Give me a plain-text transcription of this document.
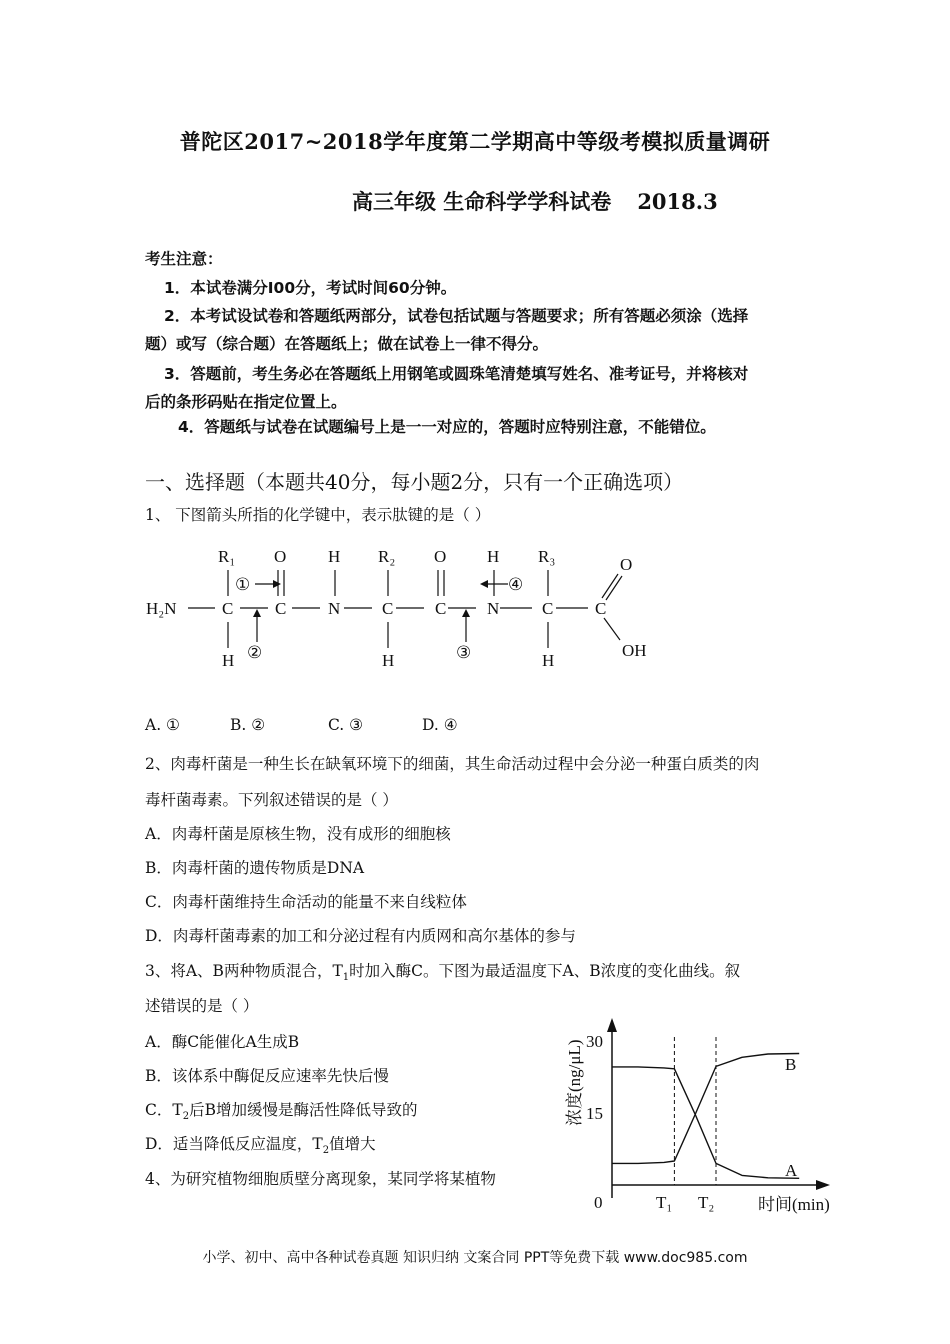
普陀区2017~2018学年度第二学期高中等级考模拟质量调研
高三年级 生命科学学科试卷 2018.3
考生注意：
1．本试卷满分I00分，考试时间60分钟。
2．本考试设试卷和答题纸两部分，试卷包括试题与答题要求；所有答题必须涂（选择
题）或写（综合题）在答题纸上；做在试卷上一律不得分。
3．答题前，考生务必在答题纸上用钢笔或圆珠笔清楚填写姓名、准考证号，并将核对
后的条形码贴在指定位置上。
4．答题纸与试卷在试题编号上是一一对应的，答题时应特别注意，不能错位。
一、选择题（本题共40分，每小题2分，只有一个正确选项）
1、 下图箭头所指的化学键中，表示肽键的是（ ）
H₂N	C C N C C N	C C
R₁ O H R₂ O H R₃	O
H	H	H
OH
①
②	③
④
A. ①	B. ②	C. ③	D. ④
2、肉毒杆菌是一种生长在缺氧环境下的细菌，其生命活动过程中会分泌一种蛋白质类的肉
毒杆菌毒素。下列叙述错误的是（ ）
A．肉毒杆菌是原核生物，没有成形的细胞核
B．肉毒杆菌的遗传物质是DNA
C．肉毒杆菌维持生命活动的能量不来自线粒体
D．肉毒杆菌毒素的加工和分泌过程有内质网和高尔基体的参与
3、将A、B两种物质混合，$T_1$时加入酶C。下图为最适温度下A、B浓度的变化曲线。叙
述错误的是（ ）
A．酶C能催化A生成B
B．该体系中酶促反应速率先快后慢
C．$T_2$后B增加缓慢是酶活性降低导致的
D．适当降低反应温度，$T_2$值增大
浓度(ng/μL)
时间(min)
0
15
30
T₁ T₂
B
A
4、为研究植物细胞质壁分离现象，某同学将某植物
小学、初中、高中各种试卷真题 知识归纳 文案合同 PPT等免费下载 www.doc985.com
